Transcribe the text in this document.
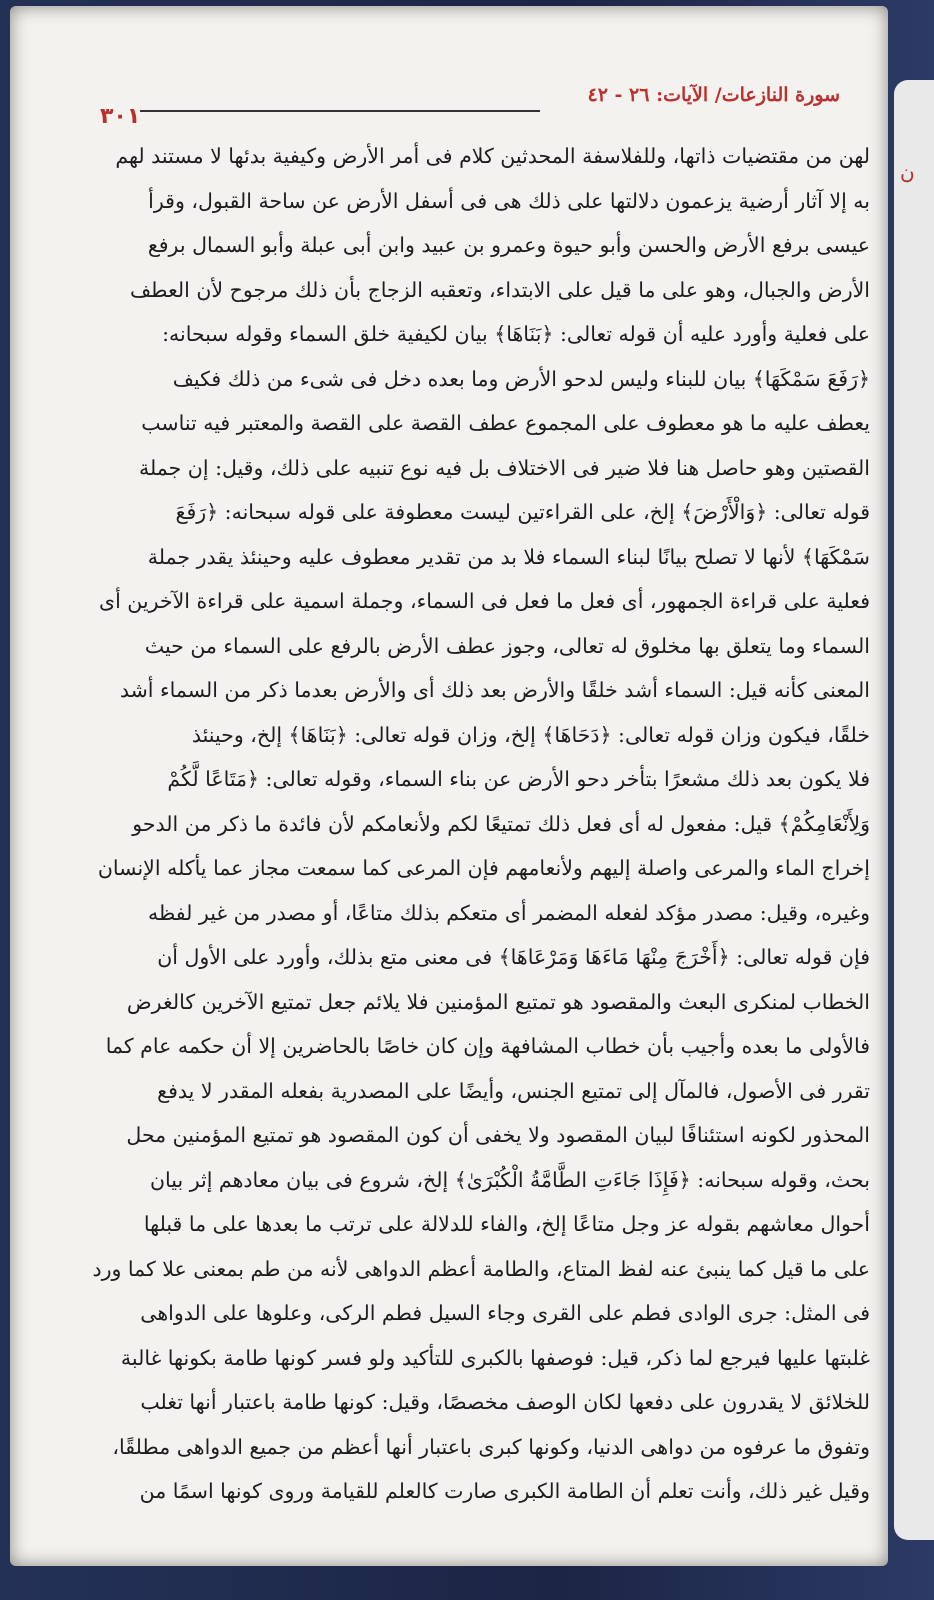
ن
٣٠١
سورة النازعات/ الآيات: ٢٦ - ٤٢
لهن من مقتضيات ذاتها، وللفلاسفة المحدثين كلام فى أمر الأرض وكيفية بدئها لا مستند لهم
به إلا آثار أرضية يزعمون دلالتها على ذلك هى فى أسفل الأرض عن ساحة القبول، وقرأ
عيسى برفع الأرض والحسن وأبو حيوة وعمرو بن عبيد وابن أبى عبلة وأبو السمال برفع
الأرض والجبال، وهو على ما قيل على الابتداء، وتعقبه الزجاج بأن ذلك مرجوح لأن العطف
على فعلية وأورد عليه أن قوله تعالى: ﴿بَنَاهَا﴾ بيان لكيفية خلق السماء وقوله سبحانه:
﴿رَفَعَ سَمْكَهَا﴾ بيان للبناء وليس لدحو الأرض وما بعده دخل فى شىء من ذلك فكيف
يعطف عليه ما هو معطوف على المجموع عطف القصة على القصة والمعتبر فيه تناسب
القصتين وهو حاصل هنا فلا ضير فى الاختلاف بل فيه نوع تنبيه على ذلك، وقيل: إن جملة
قوله تعالى: ﴿وَالْأَرْضَ﴾ إلخ، على القراءتين ليست معطوفة على قوله سبحانه: ﴿رَفَعَ
سَمْكَهَا﴾ لأنها لا تصلح بيانًا لبناء السماء فلا بد من تقدير معطوف عليه وحينئذ يقدر جملة
فعلية على قراءة الجمهور، أى فعل ما فعل فى السماء، وجملة اسمية على قراءة الآخرين أى
السماء وما يتعلق بها مخلوق له تعالى، وجوز عطف الأرض بالرفع على السماء من حيث
المعنى كأنه قيل: السماء أشد خلقًا والأرض بعد ذلك أى والأرض بعدما ذكر من السماء أشد
خلقًا، فيكون وزان قوله تعالى: ﴿دَحَاهَا﴾ إلخ، وزان قوله تعالى: ﴿بَنَاهَا﴾ إلخ، وحينئذ
فلا يكون بعد ذلك مشعرًا بتأخر دحو الأرض عن بناء السماء، وقوله تعالى: ﴿مَتَاعًا لَّكُمْ
وَلِأَنْعَامِكُمْ﴾ قيل: مفعول له أى فعل ذلك تمتيعًا لكم ولأنعامكم لأن فائدة ما ذكر من الدحو
إخراج الماء والمرعى واصلة إليهم ولأنعامهم فإن المرعى كما سمعت مجاز عما يأكله الإنسان
وغيره، وقيل: مصدر مؤكد لفعله المضمر أى متعكم بذلك متاعًا، أو مصدر من غير لفظه
فإن قوله تعالى: ﴿أَخْرَجَ مِنْهَا مَاءَهَا وَمَرْعَاهَا﴾ فى معنى متع بذلك، وأورد على الأول أن
الخطاب لمنكرى البعث والمقصود هو تمتيع المؤمنين فلا يلائم جعل تمتيع الآخرين كالغرض
فالأولى ما بعده وأجيب بأن خطاب المشافهة وإن كان خاصًا بالحاضرين إلا أن حكمه عام كما
تقرر فى الأصول، فالمآل إلى تمتيع الجنس، وأيضًا على المصدرية بفعله المقدر لا يدفع
المحذور لكونه استئنافًا لبيان المقصود ولا يخفى أن كون المقصود هو تمتيع المؤمنين محل
بحث، وقوله سبحانه: ﴿فَإِذَا جَاءَتِ الطَّامَّةُ الْكُبْرَىٰ﴾ إلخ، شروع فى بيان معادهم إثر بيان
أحوال معاشهم بقوله عز وجل متاعًا إلخ، والفاء للدلالة على ترتب ما بعدها على ما قبلها
على ما قيل كما ينبئ عنه لفظ المتاع، والطامة أعظم الدواهى لأنه من طم بمعنى علا كما ورد
فى المثل: جرى الوادى فطم على القرى وجاء السيل فطم الركى، وعلوها على الدواهى
غلبتها عليها فيرجع لما ذكر، قيل: فوصفها بالكبرى للتأكيد ولو فسر كونها طامة بكونها غالبة
للخلائق لا يقدرون على دفعها لكان الوصف مخصصًا، وقيل: كونها طامة باعتبار أنها تغلب
وتفوق ما عرفوه من دواهى الدنيا، وكونها كبرى باعتبار أنها أعظم من جميع الدواهى مطلقًا،
وقيل غير ذلك، وأنت تعلم أن الطامة الكبرى صارت كالعلم للقيامة وروى كونها اسمًا من
